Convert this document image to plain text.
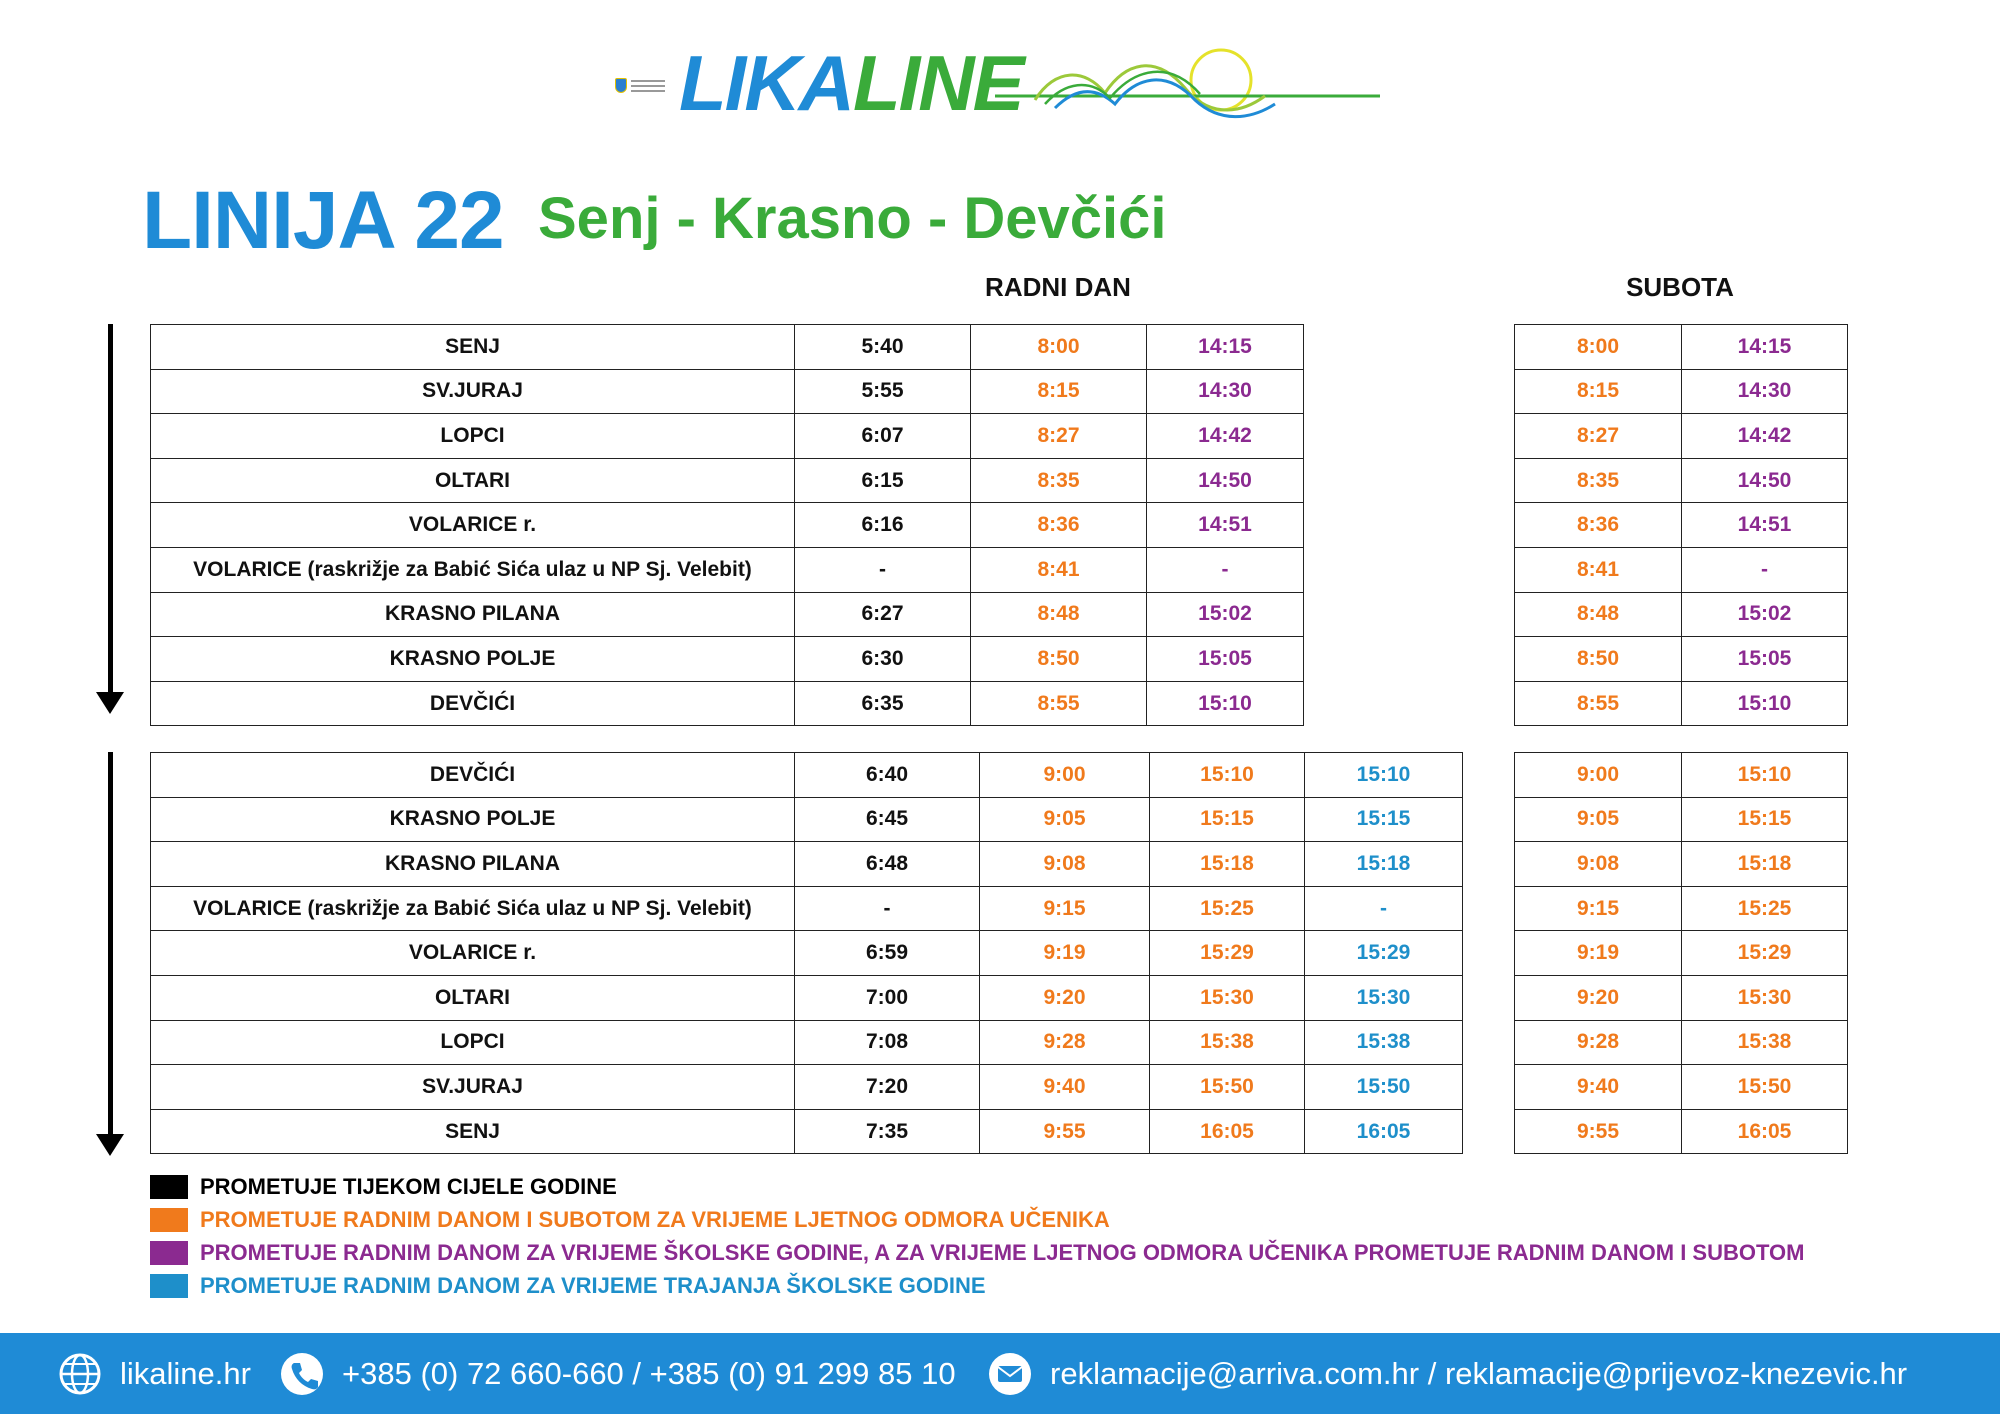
LIKALINE
LINIJA 22 Senj - Krasno - Devčići
RADNI DAN	SUBOTA
SENJ	5:40	8:00	14:15
SV.JURAJ	5:55	8:15	14:30
LOPCI	6:07	8:27	14:42
OLTARI	6:15	8:35	14:50
VOLARICE r.	6:16	8:36	14:51
VOLARICE (raskrižje za Babić Sića ulaz u NP Sj. Velebit)	-	8:41	-
KRASNO PILANA	6:27	8:48	15:02
KRASNO POLJE	6:30	8:50	15:05
DEVČIĆI	6:35	8:55	15:10
8:00	14:15
8:15	14:30
8:27	14:42
8:35	14:50
8:36	14:51
8:41	-
8:48	15:02
8:50	15:05
8:55	15:10
DEVČIĆI	6:40	9:00	15:10	15:10
KRASNO POLJE	6:45	9:05	15:15	15:15
KRASNO PILANA	6:48	9:08	15:18	15:18
VOLARICE (raskrižje za Babić Sića ulaz u NP Sj. Velebit)	-	9:15	15:25	-
VOLARICE r.	6:59	9:19	15:29	15:29
OLTARI	7:00	9:20	15:30	15:30
LOPCI	7:08	9:28	15:38	15:38
SV.JURAJ	7:20	9:40	15:50	15:50
SENJ	7:35	9:55	16:05	16:05
9:00	15:10
9:05	15:15
9:08	15:18
9:15	15:25
9:19	15:29
9:20	15:30
9:28	15:38
9:40	15:50
9:55	16:05
PROMETUJE TIJEKOM CIJELE GODINE
PROMETUJE RADNIM DANOM I SUBOTOM ZA VRIJEME LJETNOG ODMORA UČENIKA
PROMETUJE RADNIM DANOM ZA VRIJEME ŠKOLSKE GODINE, A ZA VRIJEME LJETNOG ODMORA UČENIKA PROMETUJE RADNIM DANOM I SUBOTOM
PROMETUJE RADNIM DANOM ZA VRIJEME TRAJANJA ŠKOLSKE GODINE
likaline.hr	+385 (0) 72 660-660 / +385 (0) 91 299 85 10	reklamacije@arriva.com.hr / reklamacije@prijevoz-knezevic.hr
